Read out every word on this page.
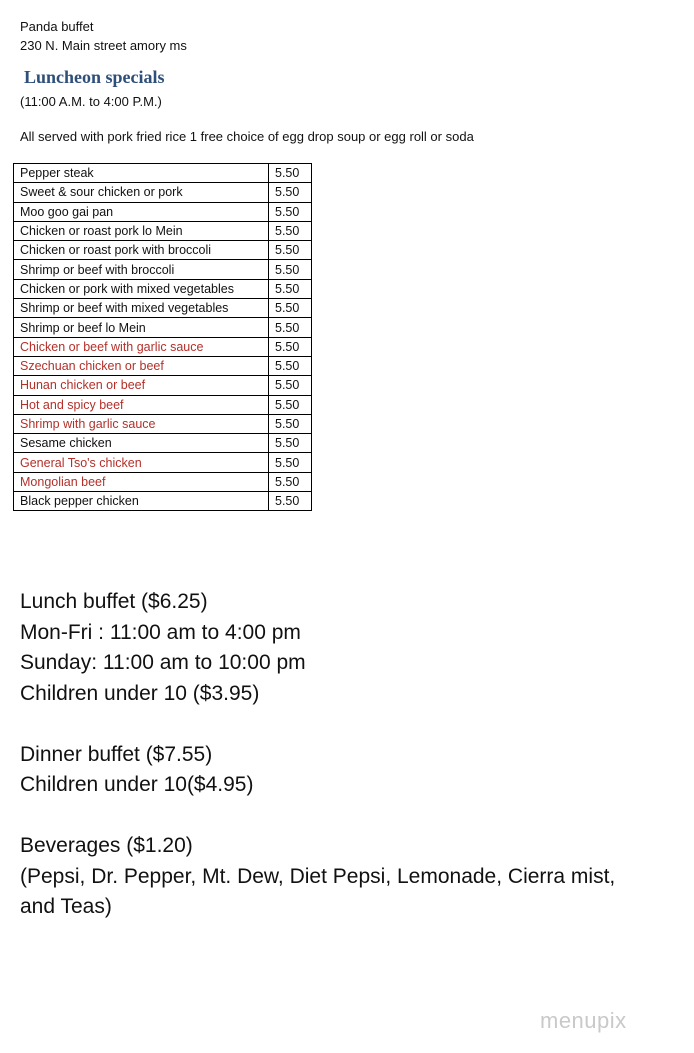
Panda buffet
230 N. Main street amory ms
Luncheon specials
(11:00 A.M. to 4:00 P.M.)
All served with pork fried rice 1 free choice of egg drop soup or egg roll or soda
Pepper steak	5.50
Sweet & sour chicken or pork	5.50
Moo goo gai pan	5.50
Chicken or roast pork lo Mein	5.50
Chicken or roast pork with broccoli	5.50
Shrimp or beef with broccoli	5.50
Chicken or pork with mixed vegetables	5.50
Shrimp or beef with mixed vegetables	5.50
Shrimp or beef lo Mein	5.50
Chicken or beef with garlic sauce	5.50
Szechuan chicken or beef	5.50
Hunan chicken or beef	5.50
Hot and spicy beef	5.50
Shrimp with garlic sauce	5.50
Sesame chicken	5.50
General Tso's chicken	5.50
Mongolian beef	5.50
Black pepper chicken	5.50
Lunch buffet ($6.25)
Mon-Fri : 11:00 am to 4:00 pm
Sunday: 11:00 am to 10:00 pm
Children under 10 ($3.95)
Dinner buffet ($7.55)
Children under 10($4.95)
Beverages ($1.20)
(Pepsi, Dr. Pepper, Mt. Dew, Diet Pepsi, Lemonade, Cierra mist,
and Teas)
menupix
